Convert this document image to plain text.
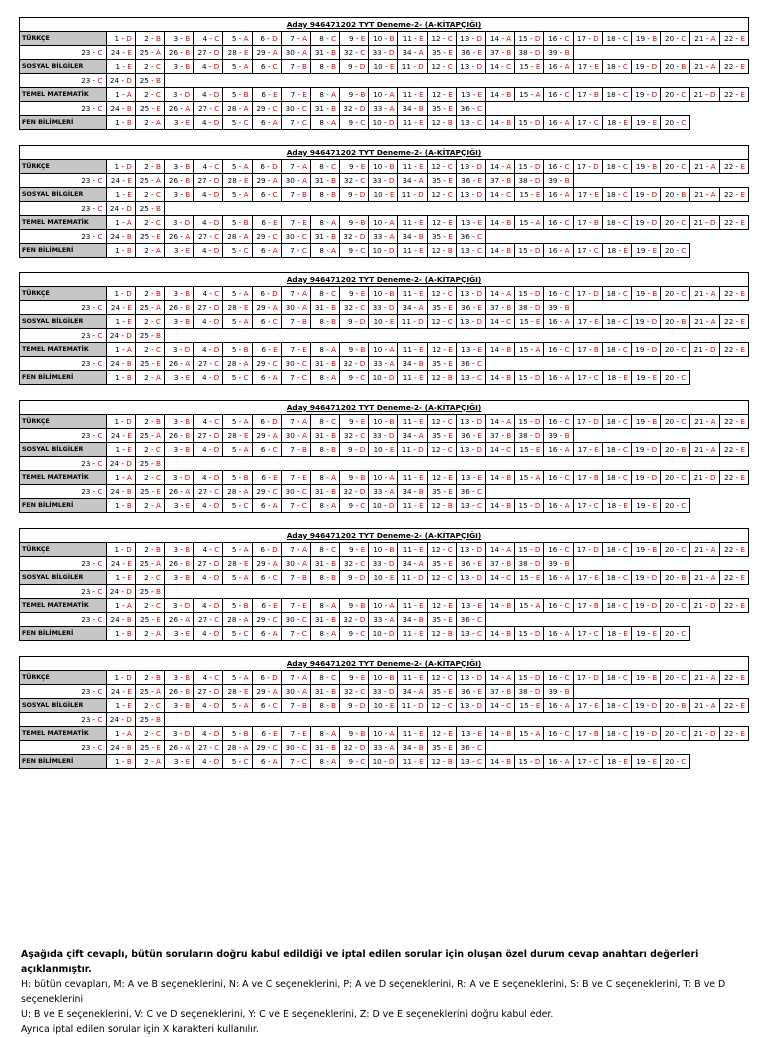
Aday 946471202 TYT Deneme-2- (A-KİTAPÇIĞI)																						
TÜRKÇE	1 - D	2 - B	3 - B	4 - C	5 - A	6 - D	7 - A	8 - C	9 - E	10 - B	11 - E	12 - C	13 - D	14 - A	15 - D	16 - C	17 - D	18 - C	19 - B	20 - C	21 - A	22 - E
23 - C	24 - E	25 - A	26 - B	27 - D	28 - E	29 - A	30 - A	31 - B	32 - C	33 - D	34 - A	35 - E	36 - E	37 - B	38 - D	39 - B						
SOSYAL BİLGİLER	1 - E	2 - C	3 - B	4 - D	5 - A	6 - C	7 - B	8 - B	9 - D	10 - E	11 - D	12 - C	13 - D	14 - C	15 - E	16 - A	17 - E	18 - C	19 - D	20 - B	21 - A	22 - E
23 - C	24 - D	25 - B																				
TEMEL MATEMATİK	1 - A	2 - C	3 - D	4 - D	5 - B	6 - E	7 - E	8 - A	9 - B	10 - A	11 - E	12 - E	13 - E	14 - B	15 - A	16 - C	17 - B	18 - C	19 - D	20 - C	21 - D	22 - E
23 - C	24 - B	25 - E	26 - A	27 - C	28 - A	29 - C	30 - C	31 - B	32 - D	33 - A	34 - B	35 - E	36 - C									
FEN BİLİMLERİ	1 - B	2 - A	3 - E	4 - D	5 - C	6 - A	7 - C	8 - A	9 - C	10 - D	11 - E	12 - B	13 - C	14 - B	15 - D	16 - A	17 - C	18 - E	19 - E	20 - C		
Aday 946471202 TYT Deneme-2- (A-KİTAPÇIĞI)																						
TÜRKÇE	1 - D	2 - B	3 - B	4 - C	5 - A	6 - D	7 - A	8 - C	9 - E	10 - B	11 - E	12 - C	13 - D	14 - A	15 - D	16 - C	17 - D	18 - C	19 - B	20 - C	21 - A	22 - E
23 - C	24 - E	25 - A	26 - B	27 - D	28 - E	29 - A	30 - A	31 - B	32 - C	33 - D	34 - A	35 - E	36 - E	37 - B	38 - D	39 - B						
SOSYAL BİLGİLER	1 - E	2 - C	3 - B	4 - D	5 - A	6 - C	7 - B	8 - B	9 - D	10 - E	11 - D	12 - C	13 - D	14 - C	15 - E	16 - A	17 - E	18 - C	19 - D	20 - B	21 - A	22 - E
23 - C	24 - D	25 - B																				
TEMEL MATEMATİK	1 - A	2 - C	3 - D	4 - D	5 - B	6 - E	7 - E	8 - A	9 - B	10 - A	11 - E	12 - E	13 - E	14 - B	15 - A	16 - C	17 - B	18 - C	19 - D	20 - C	21 - D	22 - E
23 - C	24 - B	25 - E	26 - A	27 - C	28 - A	29 - C	30 - C	31 - B	32 - D	33 - A	34 - B	35 - E	36 - C									
FEN BİLİMLERİ	1 - B	2 - A	3 - E	4 - D	5 - C	6 - A	7 - C	8 - A	9 - C	10 - D	11 - E	12 - B	13 - C	14 - B	15 - D	16 - A	17 - C	18 - E	19 - E	20 - C		
Aday 946471202 TYT Deneme-2- (A-KİTAPÇIĞI)																						
TÜRKÇE	1 - D	2 - B	3 - B	4 - C	5 - A	6 - D	7 - A	8 - C	9 - E	10 - B	11 - E	12 - C	13 - D	14 - A	15 - D	16 - C	17 - D	18 - C	19 - B	20 - C	21 - A	22 - E
23 - C	24 - E	25 - A	26 - B	27 - D	28 - E	29 - A	30 - A	31 - B	32 - C	33 - D	34 - A	35 - E	36 - E	37 - B	38 - D	39 - B						
SOSYAL BİLGİLER	1 - E	2 - C	3 - B	4 - D	5 - A	6 - C	7 - B	8 - B	9 - D	10 - E	11 - D	12 - C	13 - D	14 - C	15 - E	16 - A	17 - E	18 - C	19 - D	20 - B	21 - A	22 - E
23 - C	24 - D	25 - B																				
TEMEL MATEMATİK	1 - A	2 - C	3 - D	4 - D	5 - B	6 - E	7 - E	8 - A	9 - B	10 - A	11 - E	12 - E	13 - E	14 - B	15 - A	16 - C	17 - B	18 - C	19 - D	20 - C	21 - D	22 - E
23 - C	24 - B	25 - E	26 - A	27 - C	28 - A	29 - C	30 - C	31 - B	32 - D	33 - A	34 - B	35 - E	36 - C									
FEN BİLİMLERİ	1 - B	2 - A	3 - E	4 - D	5 - C	6 - A	7 - C	8 - A	9 - C	10 - D	11 - E	12 - B	13 - C	14 - B	15 - D	16 - A	17 - C	18 - E	19 - E	20 - C		
Aday 946471202 TYT Deneme-2- (A-KİTAPÇIĞI)																						
TÜRKÇE	1 - D	2 - B	3 - B	4 - C	5 - A	6 - D	7 - A	8 - C	9 - E	10 - B	11 - E	12 - C	13 - D	14 - A	15 - D	16 - C	17 - D	18 - C	19 - B	20 - C	21 - A	22 - E
23 - C	24 - E	25 - A	26 - B	27 - D	28 - E	29 - A	30 - A	31 - B	32 - C	33 - D	34 - A	35 - E	36 - E	37 - B	38 - D	39 - B						
SOSYAL BİLGİLER	1 - E	2 - C	3 - B	4 - D	5 - A	6 - C	7 - B	8 - B	9 - D	10 - E	11 - D	12 - C	13 - D	14 - C	15 - E	16 - A	17 - E	18 - C	19 - D	20 - B	21 - A	22 - E
23 - C	24 - D	25 - B																				
TEMEL MATEMATİK	1 - A	2 - C	3 - D	4 - D	5 - B	6 - E	7 - E	8 - A	9 - B	10 - A	11 - E	12 - E	13 - E	14 - B	15 - A	16 - C	17 - B	18 - C	19 - D	20 - C	21 - D	22 - E
23 - C	24 - B	25 - E	26 - A	27 - C	28 - A	29 - C	30 - C	31 - B	32 - D	33 - A	34 - B	35 - E	36 - C									
FEN BİLİMLERİ	1 - B	2 - A	3 - E	4 - D	5 - C	6 - A	7 - C	8 - A	9 - C	10 - D	11 - E	12 - B	13 - C	14 - B	15 - D	16 - A	17 - C	18 - E	19 - E	20 - C		
Aday 946471202 TYT Deneme-2- (A-KİTAPÇIĞI)																						
TÜRKÇE	1 - D	2 - B	3 - B	4 - C	5 - A	6 - D	7 - A	8 - C	9 - E	10 - B	11 - E	12 - C	13 - D	14 - A	15 - D	16 - C	17 - D	18 - C	19 - B	20 - C	21 - A	22 - E
23 - C	24 - E	25 - A	26 - B	27 - D	28 - E	29 - A	30 - A	31 - B	32 - C	33 - D	34 - A	35 - E	36 - E	37 - B	38 - D	39 - B						
SOSYAL BİLGİLER	1 - E	2 - C	3 - B	4 - D	5 - A	6 - C	7 - B	8 - B	9 - D	10 - E	11 - D	12 - C	13 - D	14 - C	15 - E	16 - A	17 - E	18 - C	19 - D	20 - B	21 - A	22 - E
23 - C	24 - D	25 - B																				
TEMEL MATEMATİK	1 - A	2 - C	3 - D	4 - D	5 - B	6 - E	7 - E	8 - A	9 - B	10 - A	11 - E	12 - E	13 - E	14 - B	15 - A	16 - C	17 - B	18 - C	19 - D	20 - C	21 - D	22 - E
23 - C	24 - B	25 - E	26 - A	27 - C	28 - A	29 - C	30 - C	31 - B	32 - D	33 - A	34 - B	35 - E	36 - C									
FEN BİLİMLERİ	1 - B	2 - A	3 - E	4 - D	5 - C	6 - A	7 - C	8 - A	9 - C	10 - D	11 - E	12 - B	13 - C	14 - B	15 - D	16 - A	17 - C	18 - E	19 - E	20 - C		
Aday 946471202 TYT Deneme-2- (A-KİTAPÇIĞI)																						
TÜRKÇE	1 - D	2 - B	3 - B	4 - C	5 - A	6 - D	7 - A	8 - C	9 - E	10 - B	11 - E	12 - C	13 - D	14 - A	15 - D	16 - C	17 - D	18 - C	19 - B	20 - C	21 - A	22 - E
23 - C	24 - E	25 - A	26 - B	27 - D	28 - E	29 - A	30 - A	31 - B	32 - C	33 - D	34 - A	35 - E	36 - E	37 - B	38 - D	39 - B						
SOSYAL BİLGİLER	1 - E	2 - C	3 - B	4 - D	5 - A	6 - C	7 - B	8 - B	9 - D	10 - E	11 - D	12 - C	13 - D	14 - C	15 - E	16 - A	17 - E	18 - C	19 - D	20 - B	21 - A	22 - E
23 - C	24 - D	25 - B																				
TEMEL MATEMATİK	1 - A	2 - C	3 - D	4 - D	5 - B	6 - E	7 - E	8 - A	9 - B	10 - A	11 - E	12 - E	13 - E	14 - B	15 - A	16 - C	17 - B	18 - C	19 - D	20 - C	21 - D	22 - E
23 - C	24 - B	25 - E	26 - A	27 - C	28 - A	29 - C	30 - C	31 - B	32 - D	33 - A	34 - B	35 - E	36 - C									
FEN BİLİMLERİ	1 - B	2 - A	3 - E	4 - D	5 - C	6 - A	7 - C	8 - A	9 - C	10 - D	11 - E	12 - B	13 - C	14 - B	15 - D	16 - A	17 - C	18 - E	19 - E	20 - C		
Aşağıda çift cevaplı, bütün soruların doğru kabul edildiği ve iptal edilen sorular için oluşan özel durum cevap anahtarı değerleri açıklanmıştır.
H: bütün cevapları, M: A ve B seçeneklerini, N: A ve C seçeneklerini, P: A ve D seçeneklerini, R: A ve E seçeneklerini, S: B ve C seçeneklerini, T: B ve D seçeneklerini
U: B ve E seçeneklerini, V: C ve D seçeneklerini, Y: C ve E seçeneklerini, Z: D ve E seçeneklerini doğru kabul eder.
Ayrıca iptal edilen sorular için X karakteri kullanılır.
